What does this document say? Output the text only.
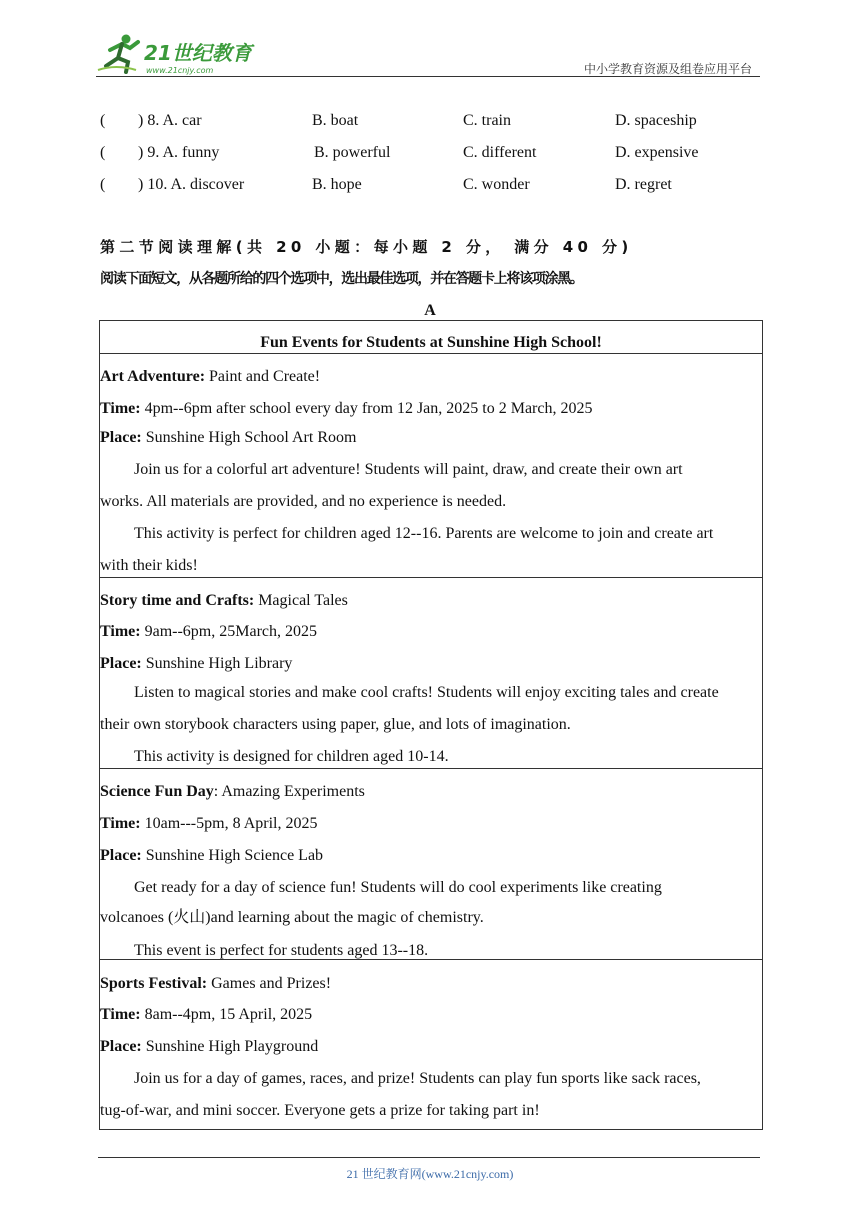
21世纪教育
www.21cnjy.com	中小学教育资源及组卷应用平台
( ) 8. A. car	B. boat	C. train	D. spaceship
( ) 9. A. funny	B. powerful	C. different	D. expensive
( ) 10. A. discover	B. hope	C. wonder	D. regret
第二节阅读理解(共 20 小题：每小题 2 分， 满分 40 分)
阅读下面短文，从各题所给的四个选项中，选出最佳选项，并在答题卡上将该项涂黑。
A
Fun Events for Students at Sunshine High School!
Art Adventure: Paint and Create!
Time: 4pm--6pm after school every day from 12 Jan, 2025 to 2 March, 2025
Place: Sunshine High School Art Room
Join us for a colorful art adventure! Students will paint, draw, and create their own art
works. All materials are provided, and no experience is needed.
This activity is perfect for children aged 12--16. Parents are welcome to join and create art
with their kids!
Story time and Crafts: Magical Tales
Time: 9am--6pm, 25March, 2025
Place: Sunshine High Library
Listen to magical stories and make cool crafts! Students will enjoy exciting tales and create
their own storybook characters using paper, glue, and lots of imagination.
This activity is designed for children aged 10-14.
Science Fun Day: Amazing Experiments
Time: 10am---5pm, 8 April, 2025
Place: Sunshine High Science Lab
Get ready for a day of science fun! Students will do cool experiments like creating
volcanoes (火山)and learning about the magic of chemistry.
This event is perfect for students aged 13--18.
Sports Festival: Games and Prizes!
Time: 8am--4pm, 15 April, 2025
Place: Sunshine High Playground
Join us for a day of games, races, and prize! Students can play fun sports like sack races,
tug-of-war, and mini soccer. Everyone gets a prize for taking part in!
21 世纪教育网(www.21cnjy.com)
